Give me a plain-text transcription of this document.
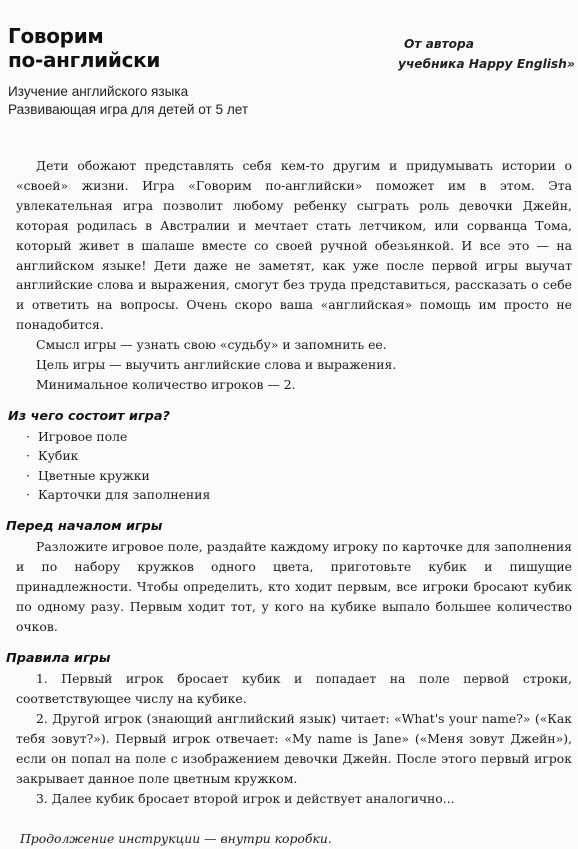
Говорим
по-английски
Изучение английского языка
Развивающая игра для детей от 5 лет
От автора
учебника Happy English»

Дети обожают представлять себя кем-то другим и придумывать истории о «своей» жизни. Игра «Говорим по-английски» поможет им в этом. Эта увлекательная игра позволит любому ребенку сыграть роль девочки Джейн, которая родилась в Австралии и мечтает стать летчиком, или сорванца Тома, который живет в шалаше вместе со своей ручной обезьянкой. И все это — на английском языке! Дети даже не заметят, как уже после первой игры выучат английские слова и выражения, смогут без труда представиться, рассказать о себе и ответить на вопросы. Очень скоро ваша «английская» помощь им просто не понадобится.

Смысл игры — узнать свою «судьбу» и запомнить ее.

Цель игры — выучить английские слова и выражения.

Минимальное количество игроков — 2.

Из чего состоит игра?
· Игровое поле
· Кубик
· Цветные кружки
· Карточки для заполнения
Перед началом игры

Разложите игровое поле, раздайте каждому игроку по карточке для заполнения и по набору кружков одного цвета, приготовьте кубик и пишущие принадлежности. Чтобы определить, кто ходит первым, все игроки бросают кубик по одному разу. Первым ходит тот, у кого на кубике выпало большее количество очков.

Правила игры

1. Первый игрок бросает кубик и попадает на поле первой строки, соответствующее числу на кубике.

2. Другой игрок (знающий английский язык) читает: «What's your name?» («Как тебя зовут?»). Первый игрок отвечает: «My name is Jane» («Меня зовут Джейн»), если он попал на поле с изображением девочки Джейн. После этого первый игрок закрывает данное поле цветным кружком.

3. Далее кубик бросает второй игрок и действует аналогично...

Продолжение инструкции — внутри коробки.
